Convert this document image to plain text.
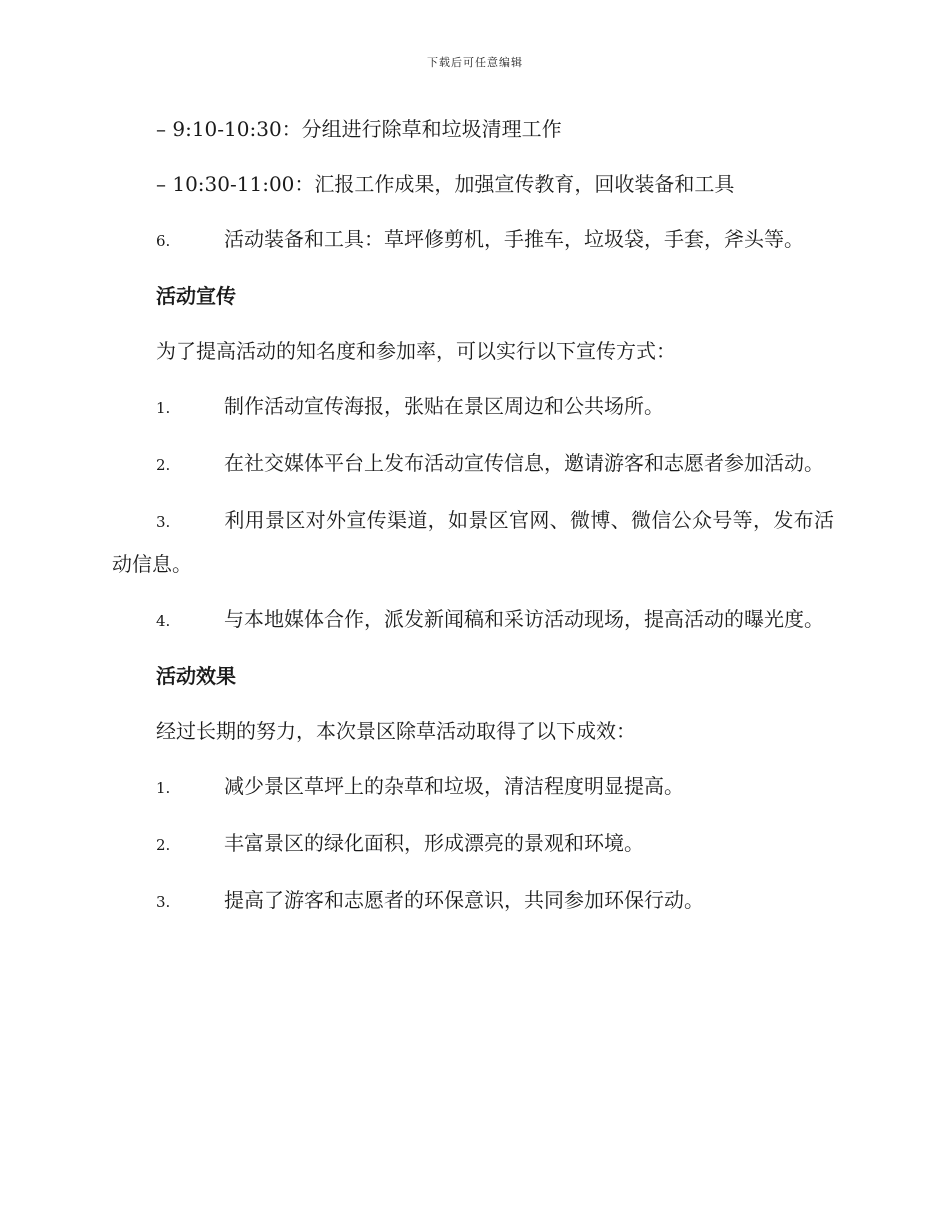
下载后可任意编辑

– 9:10-10:30：分组进行除草和垃圾清理工作

– 10:30-11:00：汇报工作成果，加强宣传教育，回收装备和工具

6.	活动装备和工具：草坪修剪机，手推车，垃圾袋，手套，斧头等。

活动宣传

为了提高活动的知名度和参加率，可以实行以下宣传方式：

1.	制作活动宣传海报，张贴在景区周边和公共场所。

2.	在社交媒体平台上发布活动宣传信息，邀请游客和志愿者参加活动。

3.	利用景区对外宣传渠道，如景区官网、微博、微信公众号等，发布活动信息。

4.	与本地媒体合作，派发新闻稿和采访活动现场，提高活动的曝光度。

活动效果

经过长期的努力，本次景区除草活动取得了以下成效：

1.	减少景区草坪上的杂草和垃圾，清洁程度明显提高。

2.	丰富景区的绿化面积，形成漂亮的景观和环境。

3.	提高了游客和志愿者的环保意识，共同参加环保行动。
